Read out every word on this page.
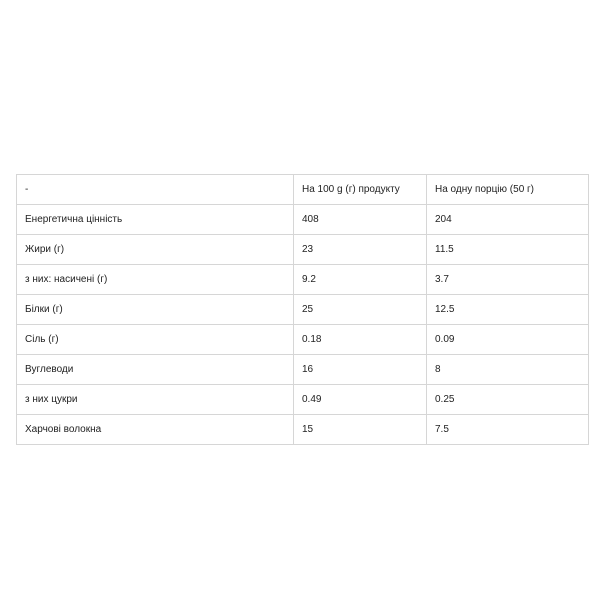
-	На 100 g (г) продукту	На одну порцію (50 г)
Енергетична цінність	408	204
Жири (г)	23	11.5
з них: насичені (г)	9.2	3.7
Білки (г)	25	12.5
Сіль (г)	0.18	0.09
Вуглеводи	16	8
з них цукри	0.49	0.25
Харчові волокна	15	7.5
